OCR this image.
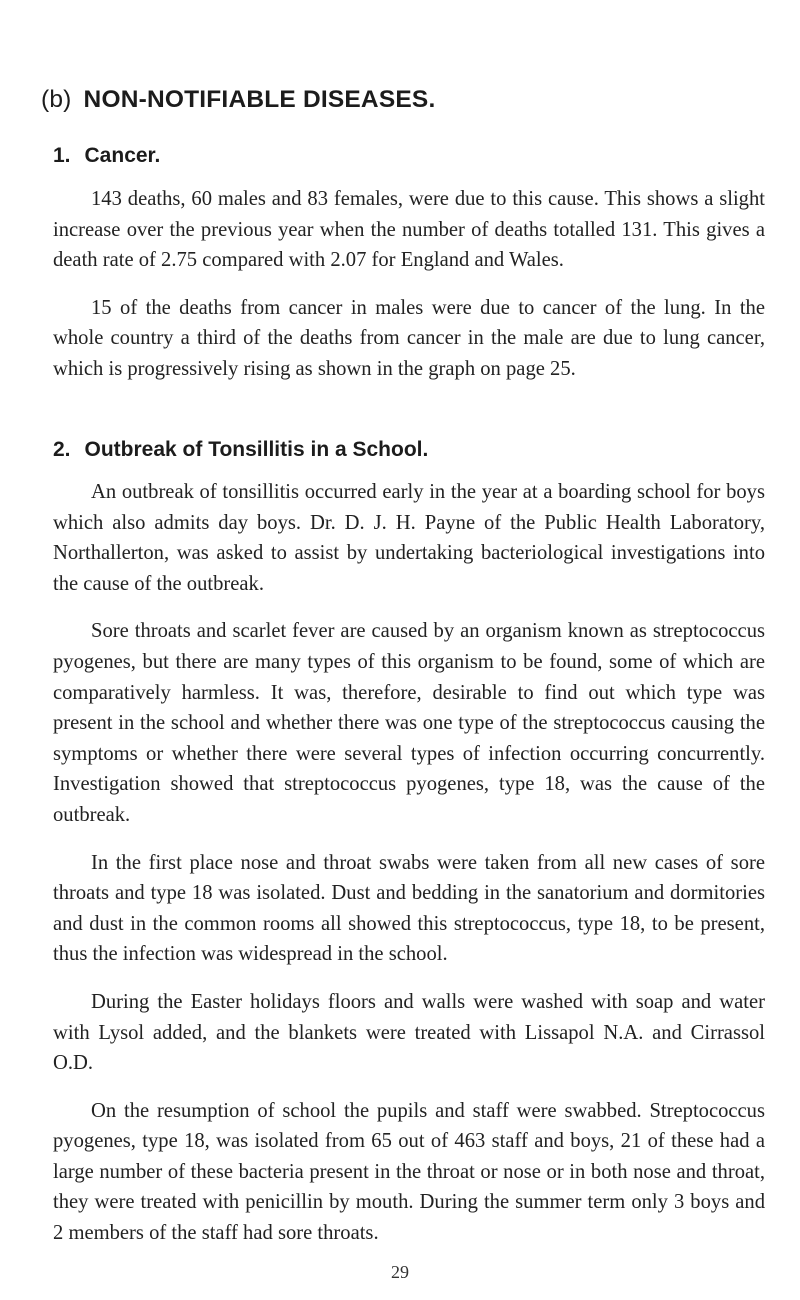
(b) NON-NOTIFIABLE DISEASES.
1. Cancer.

143 deaths, 60 males and 83 females, were due to this cause. This shows a slight increase over the previous year when the number of deaths totalled 131. This gives a death rate of 2.75 compared with 2.07 for England and Wales.

15 of the deaths from cancer in males were due to cancer of the lung. In the whole country a third of the deaths from cancer in the male are due to lung cancer, which is progressively rising as shown in the graph on page 25.

2. Outbreak of Tonsillitis in a School.

An outbreak of tonsillitis occurred early in the year at a boarding school for boys which also admits day boys. Dr. D. J. H. Payne of the Public Health Laboratory, Northallerton, was asked to assist by undertaking bacteriological investigations into the cause of the outbreak.

Sore throats and scarlet fever are caused by an organism known as streptococcus pyogenes, but there are many types of this organism to be found, some of which are comparatively harmless. It was, therefore, desirable to find out which type was present in the school and whether there was one type of the streptococcus causing the symptoms or whether there were several types of infection occurring concurrently. Investigation showed that streptococcus pyogenes, type 18, was the cause of the outbreak.

In the first place nose and throat swabs were taken from all new cases of sore throats and type 18 was isolated. Dust and bedding in the sanatorium and dormitories and dust in the common rooms all showed this streptococcus, type 18, to be present, thus the infection was widespread in the school.

During the Easter holidays floors and walls were washed with soap and water with Lysol added, and the blankets were treated with Lissapol N.A. and Cirrassol O.D.

On the resumption of school the pupils and staff were swabbed. Streptococcus pyogenes, type 18, was isolated from 65 out of 463 staff and boys, 21 of these had a large number of these bacteria present in the throat or nose or in both nose and throat, they were treated with penicillin by mouth. During the summer term only 3 boys and 2 members of the staff had sore throats.

29
